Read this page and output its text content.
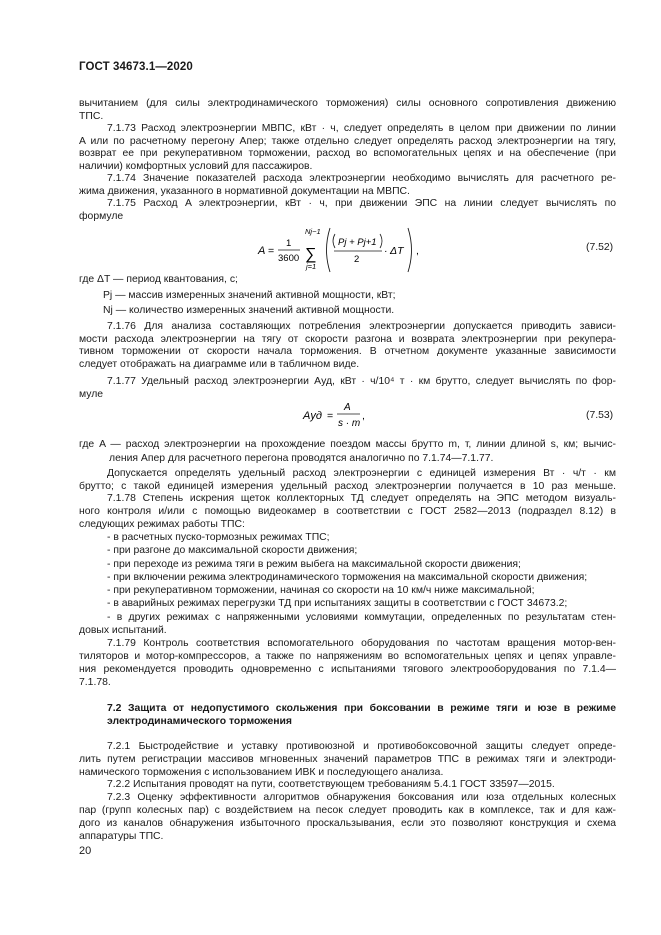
ГОСТ 34673.1—2020
вычитанием (для силы электродинамического торможения) силы основного сопротивления движению
ТПС.
7.1.73 Расход электроэнергии МВПС, кВт · ч, следует определять в целом при движении по линии
A или по расчетному перегону Aпер; также отдельно следует определять расход электроэнергии на тягу,
возврат ее при рекуперативном торможении, расход во вспомогательных цепях и на обеспечение (при
наличии) комфортных условий для пассажиров.
7.1.74 Значение показателей расхода электроэнергии необходимо вычислять для расчетного ре-
жима движения, указанного в нормативной документации на МВПС.
7.1.75 Расход A электроэнергии, кВт · ч, при движении ЭПС на линии следует вычислять по
формуле
A =
1
3600
Nj−1
∑
j=1
Pj + Pj+1
2
· ΔT ,	(7.52)
где ΔT — период квантования, с;
Pj — массив измеренных значений активной мощности, кВт;
Nj — количество измеренных значений активной мощности.
7.1.76 Для анализа составляющих потребления электроэнергии допускается приводить зависи-
мости расхода электроэнергии на тягу от скорости разгона и возврата электроэнергии при рекупера-
тивном торможении от скорости начала торможения. В отчетном документе указанные зависимости
следует отображать на диаграмме или в табличном виде.
7.1.77 Удельный расход электроэнергии Aуд, кВт · ч/10⁴ т · км брутто, следует вычислять по фор-
муле
Aуд =
A
s · m
,	(7.53)
где A — расход электроэнергии на прохождение поездом массы брутто m, т, линии длиной s, км; вычис-
ления Aпер для расчетного перегона проводятся аналогично по 7.1.74—7.1.77.
Допускается определять удельный расход электроэнергии c единицей измерения Вт · ч/т · км
брутто; с такой единицей измерения удельный расход электроэнергии получается в 10 раз меньше.
7.1.78 Степень искрения щеток коллекторных ТД следует определять на ЭПС методом визуаль-
ного контроля и/или с помощью видеокамер в соответствии с ГОСТ 2582—2013 (подраздел 8.12) в
следующих режимах работы ТПС:
- в расчетных пуско-тормозных режимах ТПС;
- при разгоне до максимальной скорости движения;
- при переходе из режима тяги в режим выбега на максимальной скорости движения;
- при включении режима электродинамического торможения на максимальной скорости движения;
- при рекуперативном торможении, начиная со скорости на 10 км/ч ниже максимальной;
- в аварийных режимах перегрузки ТД при испытаниях защиты в соответствии с ГОСТ 34673.2;
- в других режимах с напряженными условиями коммутации, определенных по результатам стен-
довых испытаний.
7.1.79 Контроль соответствия вспомогательного оборудования по частотам вращения мотор-вен-
тиляторов и мотор-компрессоров, а также по напряжениям во вспомогательных цепях и цепях управле-
ния рекомендуется проводить одновременно с испытаниями тягового электрооборудования по 7.1.4—
7.1.78.
7.2 Защита от недопустимого скольжения при боксовании в режиме тяги и юзе в режиме
электродинамического торможения
7.2.1 Быстродействие и уставку противоюзной и противобоксовочной защиты следует опреде-
лить путем регистрации массивов мгновенных значений параметров ТПС в режимах тяги и электроди-
намического торможения с использованием ИВК и последующего анализа.
7.2.2 Испытания проводят на пути, соответствующем требованиям 5.4.1 ГОСТ 33597—2015.
7.2.3 Оценку эффективности алгоритмов обнаружения боксования или юза отдельных колесных
пар (групп колесных пар) с воздействием на песок следует проводить как в комплексе, так и для каж-
дого из каналов обнаружения избыточного проскальзывания, если это позволяют конструкция и схема
аппаратуры ТПС.
20
